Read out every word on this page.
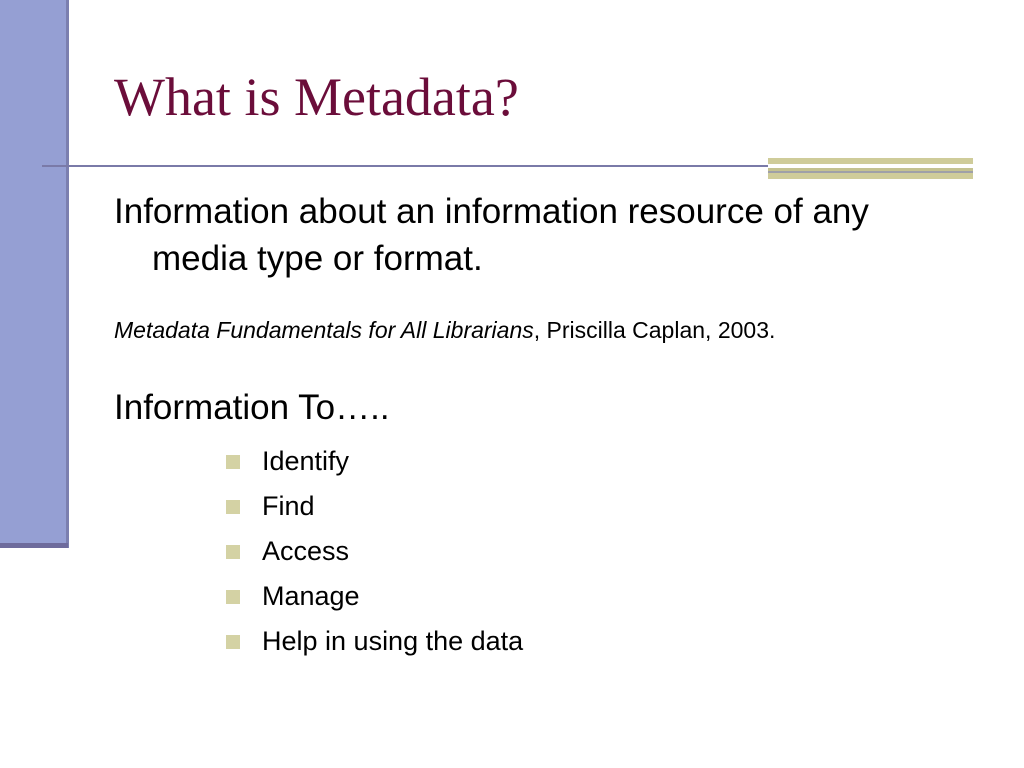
What is Metadata?

Information about an information resource of any media type or format.

Metadata Fundamentals for All Librarians, Priscilla Caplan, 2003.

Information To…..

Identify
Find
Access
Manage
Help in using the data
